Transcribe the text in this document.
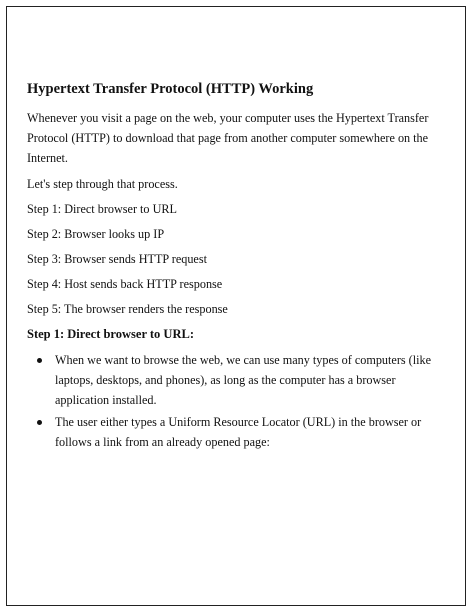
Hypertext Transfer Protocol (HTTP) Working

Whenever you visit a page on the web, your computer uses the Hypertext Transfer Protocol (HTTP) to download that page from another computer somewhere on the Internet.

Let's step through that process.

Step 1: Direct browser to URL

Step 2: Browser looks up IP

Step 3: Browser sends HTTP request

Step 4: Host sends back HTTP response

Step 5: The browser renders the response

Step 1: Direct browser to URL:

When we want to browse the web, we can use many types of computers (like laptops, desktops, and phones), as long as the computer has a browser application installed.
The user either types a Uniform Resource Locator (URL) in the browser or follows a link from an already opened page:
